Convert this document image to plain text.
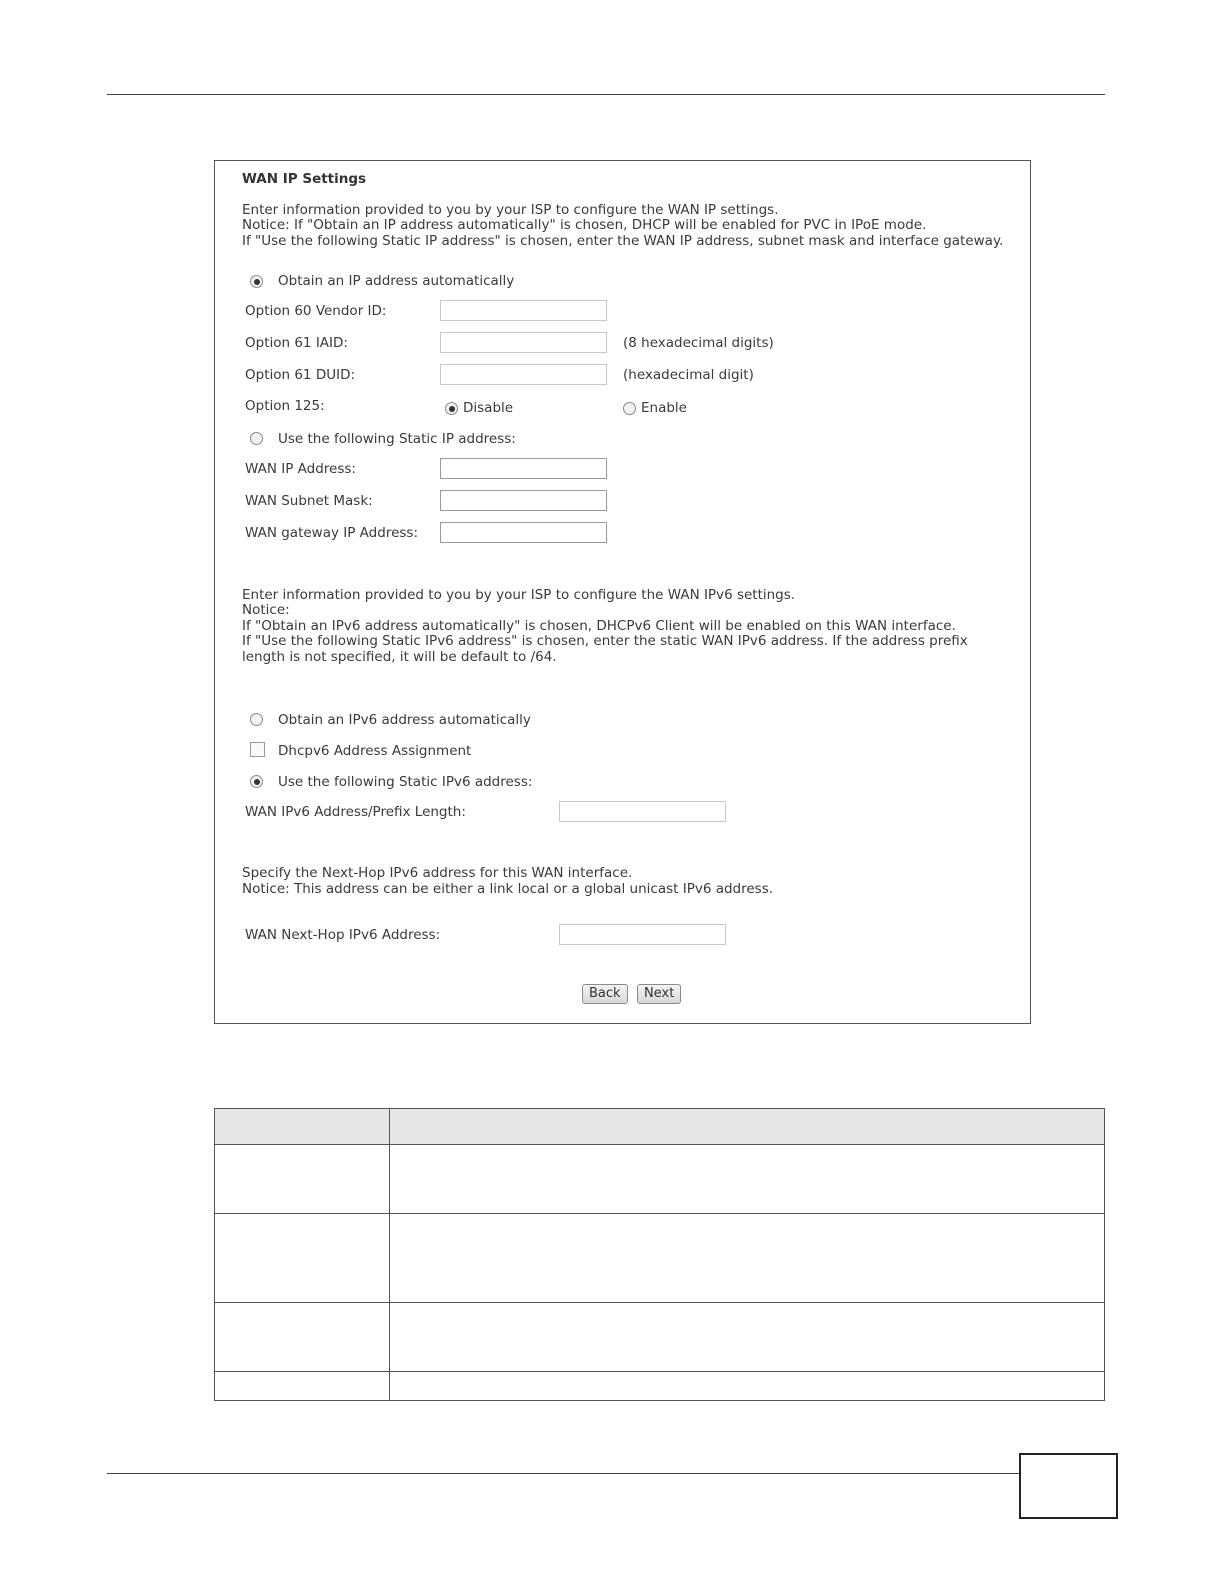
WAN IP Settings
Enter information provided to you by your ISP to configure the WAN IP settings.
Notice: If "Obtain an IP address automatically" is chosen, DHCP will be enabled for PVC in IPoE mode.
If "Use the following Static IP address" is chosen, enter the WAN IP address, subnet mask and interface gateway.
Obtain an IP address automatically
Option 60 Vendor ID:
Option 61 IAID:	(8 hexadecimal digits)
Option 61 DUID:	(hexadecimal digit)
Option 125:	Disable	Enable
Use the following Static IP address:
WAN IP Address:
WAN Subnet Mask:
WAN gateway IP Address:
Enter information provided to you by your ISP to configure the WAN IPv6 settings.
Notice:
If "Obtain an IPv6 address automatically" is chosen, DHCPv6 Client will be enabled on this WAN interface.
If "Use the following Static IPv6 address" is chosen, enter the static WAN IPv6 address. If the address prefix
length is not specified, it will be default to /64.
Obtain an IPv6 address automatically
Dhcpv6 Address Assignment
Use the following Static IPv6 address:
WAN IPv6 Address/Prefix Length:
Specify the Next-Hop IPv6 address for this WAN interface.
Notice: This address can be either a link local or a global unicast IPv6 address.
WAN Next-Hop IPv6 Address:
Back	Next
